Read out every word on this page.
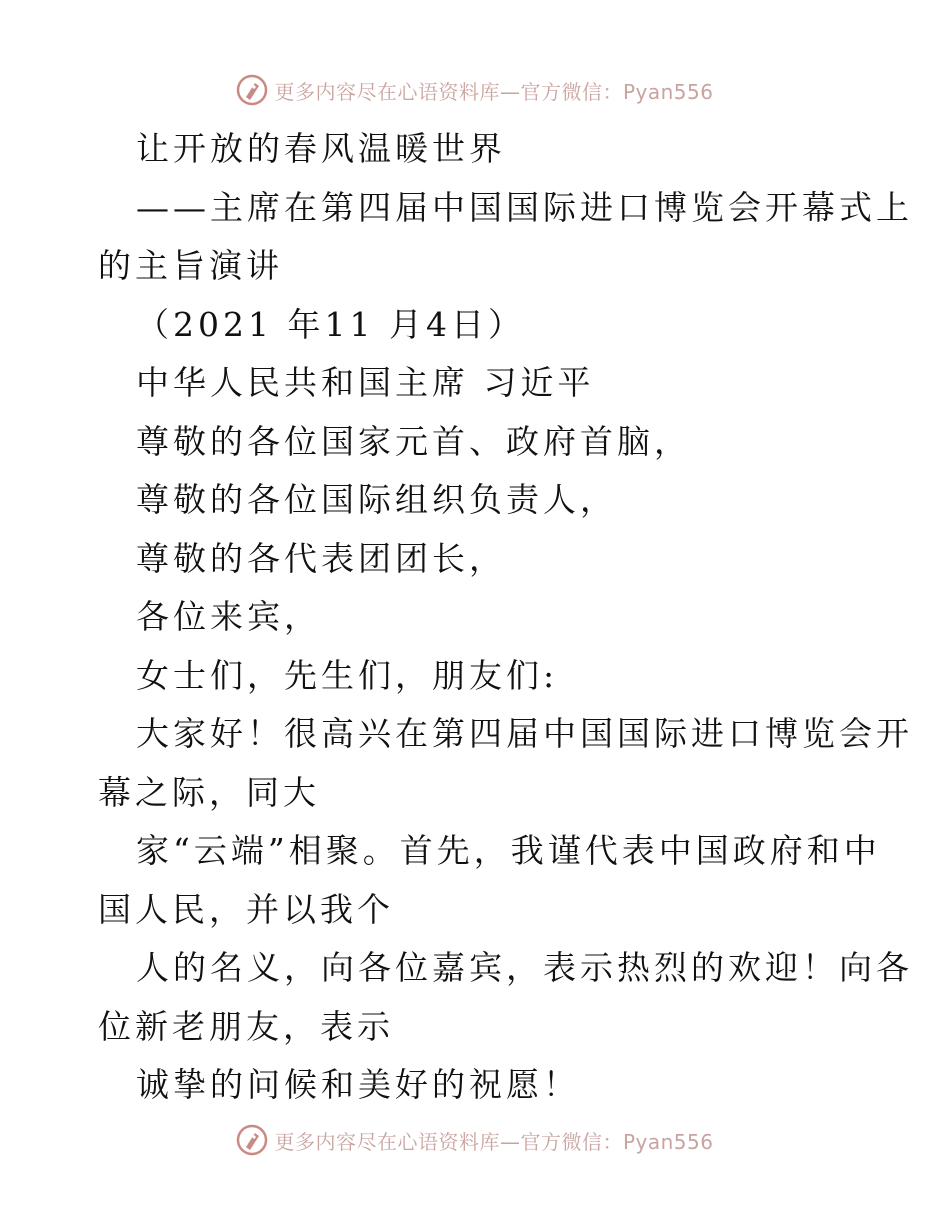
更多内容尽在心语资料库—官方微信：Pyan556
让开放的春风温暖世界
——主席在第四届中国国际进口博览会开幕式上
的主旨演讲
（2021 年11 月4日）
中华人民共和国主席 习近平
尊敬的各位国家元首、政府首脑，
尊敬的各位国际组织负责人，
尊敬的各代表团团长，
各位来宾，
女士们，先生们，朋友们:
大家好！很高兴在第四届中国国际进口博览会开
幕之际，同大
家“云端”相聚。首先，我谨代表中国政府和中
国人民，并以我个
人的名义，向各位嘉宾，表示热烈的欢迎！向各
位新老朋友，表示
诚挚的问候和美好的祝愿！
更多内容尽在心语资料库—官方微信：Pyan556
